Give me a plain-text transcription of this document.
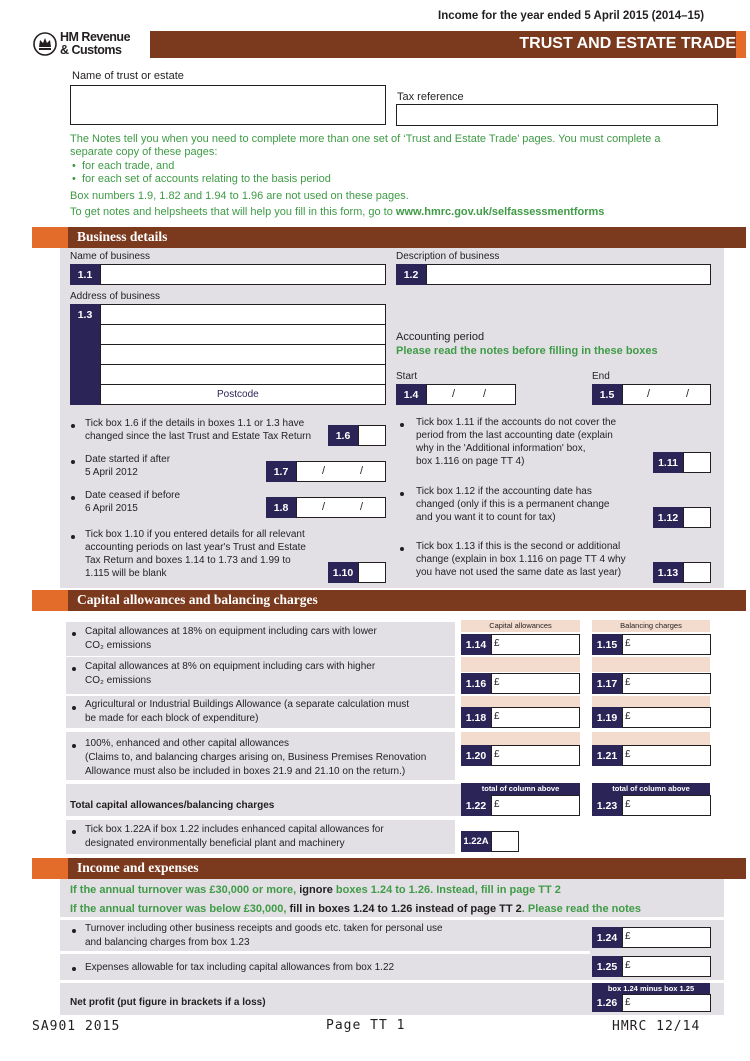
Income for the year ended 5 April 2015 (2014–15)
HM Revenue
& Customs	TRUST AND ESTATE TRADE
Name of trust or estate
Tax reference
The Notes tell you when you need to complete more than one set of ‘Trust and Estate Trade’ pages. You must complete a
separate copy of these pages:
•  for each trade, and
•  for each set of accounts relating to the basis period
Box numbers 1.9, 1.82 and 1.94 to 1.96 are not used on these pages.
To get notes and helpsheets that will help you fill in this form, go to www.hmrc.gov.uk/selfassessmentforms
Business details
Name of business
1.1
Description of business
1.2
Address of business
1.3
Postcode
Accounting period
Please read the notes before filling in these boxes
Start	End
1.4	/	/	1.5	/	/
Tick box 1.6 if the details in boxes 1.1 or 1.3 have
changed since the last Trust and Estate Tax Return	1.6
Date started if after
5 April 2012	1.7	/	/
Date ceased if before
6 April 2015	1.8	/	/
Tick box 1.10 if you entered details for all relevant
accounting periods on last year's Trust and Estate
Tax Return and boxes 1.14 to 1.73 and 1.99 to
1.115 will be blank	1.10
Tick box 1.11 if the accounts do not cover the
period from the last accounting date (explain
why in the 'Additional information' box,
box 1.116 on page TT 4)	1.11
Tick box 1.12 if the accounting date has
changed (only if this is a permanent change
and you want it to count for tax)	1.12
Tick box 1.13 if this is the second or additional
change (explain in box 1.116 on page TT 4 why
you have not used the same date as last year)	1.13
Capital allowances and balancing charges
Capital allowances	Balancing charges
Capital allowances at 18% on equipment including cars with lower
CO₂ emissions	1.14 £	1.15 £
Capital allowances at 8% on equipment including cars with higher
CO₂ emissions	1.16 £	1.17 £
Agricultural or Industrial Buildings Allowance (a separate calculation must
be made for each block of expenditure)	1.18 £	1.19 £
100%, enhanced and other capital allowances
(Claims to, and balancing charges arising on, Business Premises Renovation
Allowance must also be included in boxes 21.9 and 21.10 on the return.)
1.20 £	1.21 £
Total capital allowances/balancing charges
total of column above	total of column above
1.22 £	1.23 £
Tick box 1.22A if box 1.22 includes enhanced capital allowances for
designated environmentally beneficial plant and machinery	1.22A
Income and expenses
If the annual turnover was £30,000 or more, ignore boxes 1.24 to 1.26. Instead, fill in page TT 2
If the annual turnover was below £30,000, fill in boxes 1.24 to 1.26 instead of page TT 2. Please read the notes
Turnover including other business receipts and goods etc. taken for personal use
and balancing charges from box 1.23	1.24 £
Expenses allowable for tax including capital allowances from box 1.22	1.25 £
Net profit (put figure in brackets if a loss)
box 1.24 minus box 1.25
1.26 £
SA901 2015	Page TT 1	HMRC 12/14
